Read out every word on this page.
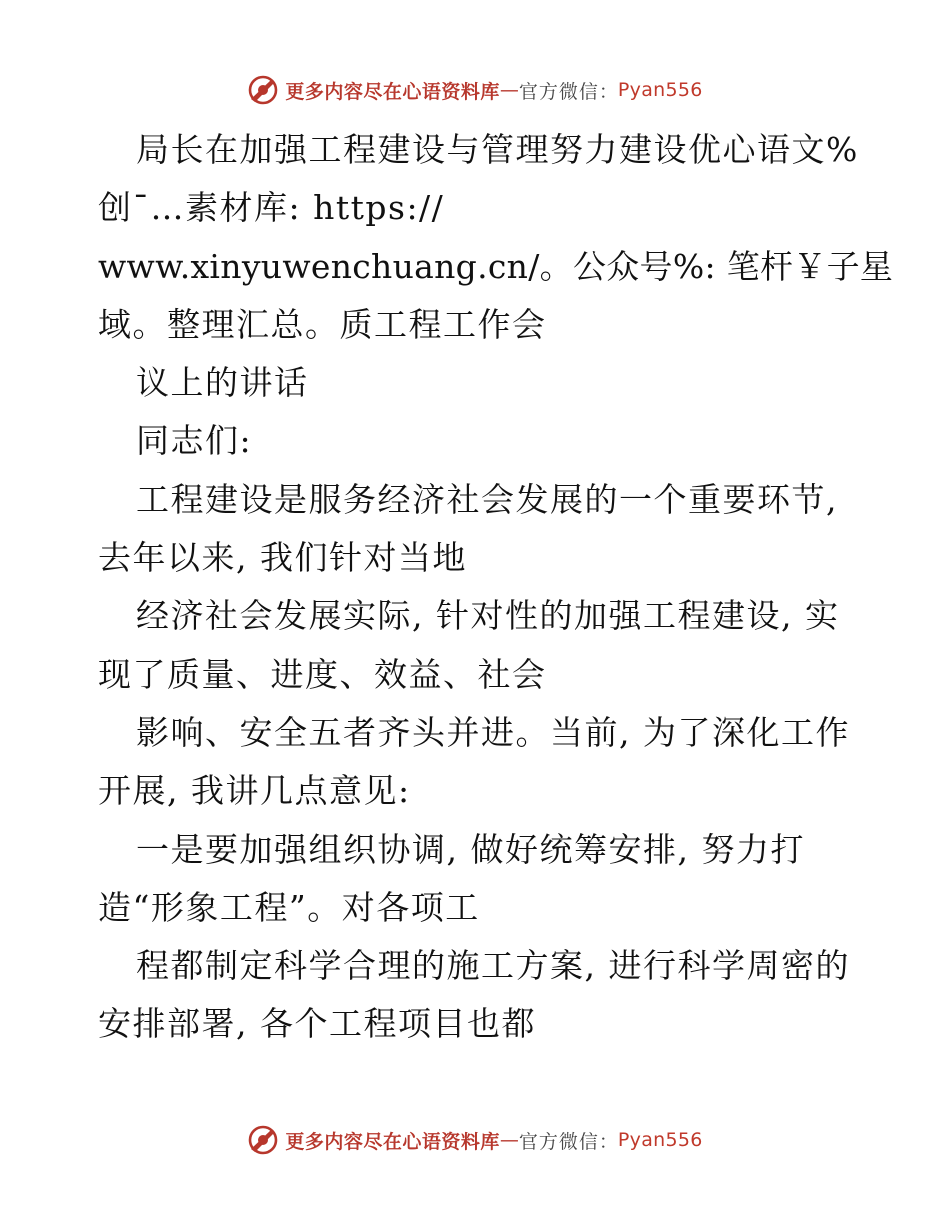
更多内容尽在心语资料库 — 官方微信 ： Pyan556
局长在加强工程建设与管理努力建设优心语文%
创¯…素材库: https://
www.xinyuwenchuang.cn/。公众号%: 笔杆￥子星
域。整理汇总。质工程工作会
议上的讲话
同志们:
工程建设是服务经济社会发展的一个重要环节,
去年以来, 我们针对当地
经济社会发展实际, 针对性的加强工程建设, 实
现了质量、进度、效益、社会
影响、安全五者齐头并进。当前, 为了深化工作
开展, 我讲几点意见:
一是要加强组织协调, 做好统筹安排, 努力打
造“形象工程”。对各项工
程都制定科学合理的施工方案, 进行科学周密的
安排部署, 各个工程项目也都
更多内容尽在心语资料库 — 官方微信 ： Pyan556
